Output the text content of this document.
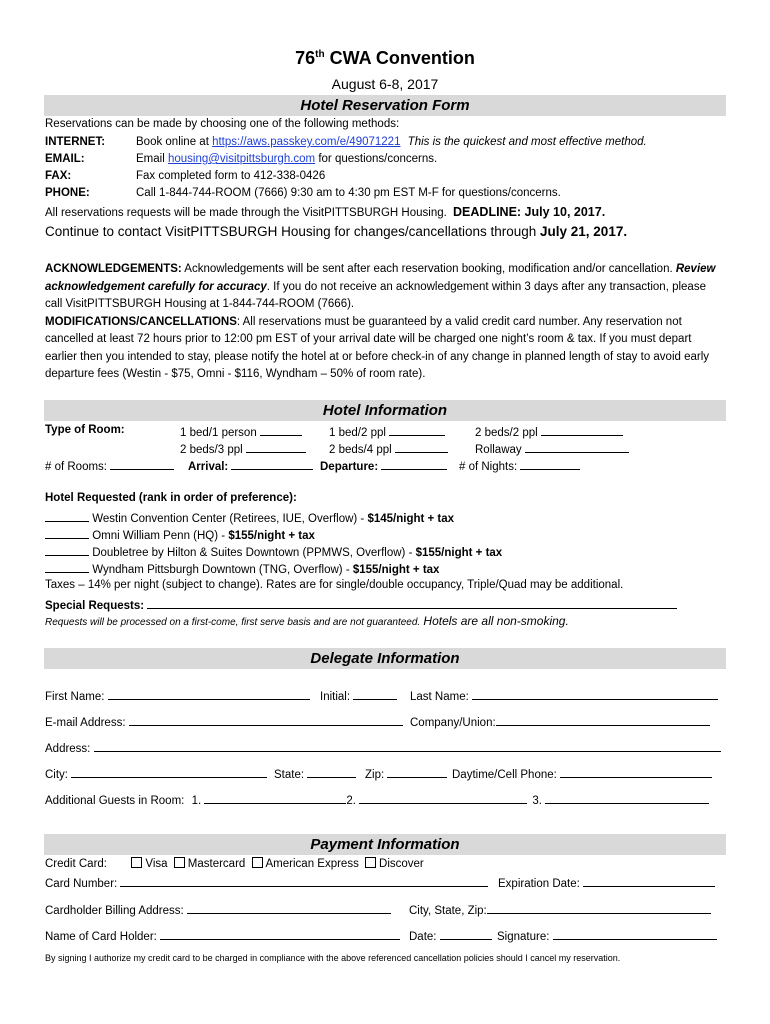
76th CWA Convention
August 6-8, 2017
Hotel Reservation Form
Reservations can be made by choosing one of the following methods:
INTERNET:	Book online at https://aws.passkey.com/e/49071221 This is the quickest and most effective method.
EMAIL:	Email housing@visitpittsburgh.com for questions/concerns.
FAX:	Fax completed form to 412-338-0426
PHONE:	Call 1-844-744-ROOM (7666) 9:30 am to 4:30 pm EST M-F for questions/concerns.
All reservations requests will be made through the VisitPITTSBURGH Housing. DEADLINE: July 10, 2017.
Continue to contact VisitPITTSBURGH Housing for changes/cancellations through July 21, 2017.
ACKNOWLEDGEMENTS: Acknowledgements will be sent after each reservation booking, modification and/or cancellation. Review acknowledgement carefully for accuracy. If you do not receive an acknowledgement within 3 days after any transaction, please call VisitPITTSBURGH Housing at 1-844-744-ROOM (7666).
MODIFICATIONS/CANCELLATIONS: All reservations must be guaranteed by a valid credit card number. Any reservation not cancelled at least 72 hours prior to 12:00 pm EST of your arrival date will be charged one night’s room & tax. If you must depart earlier then you intended to stay, please notify the hotel at or before check-in of any change in planned length of stay to avoid early departure fees (Westin - $75, Omni - $116, Wyndham – 50% of room rate).
Hotel Information
Type of Room:	1 bed/1 person	1 bed/2 ppl	2 beds/2 ppl
2 beds/3 ppl	2 beds/4 ppl	Rollaway
# of Rooms:	Arrival:	Departure:	# of Nights:
Hotel Requested (rank in order of preference):
Westin Convention Center (Retirees, IUE, Overflow) - $145/night + tax
Omni William Penn (HQ) - $155/night + tax
Doubletree by Hilton & Suites Downtown (PPMWS, Overflow) - $155/night + tax
Wyndham Pittsburgh Downtown (TNG, Overflow) - $155/night + tax
Taxes – 14% per night (subject to change). Rates are for single/double occupancy, Triple/Quad may be additional.
Special Requests:
Requests will be processed on a first-come, first serve basis and are not guaranteed. Hotels are all non-smoking.
Delegate Information
First Name:	Initial:	Last Name:
E-mail Address:	Company/Union:
Address:
City:	State:	Zip:	Daytime/Cell Phone:
Additional Guests in Room: 1.	2.	3.
Payment Information
Credit Card:	Visa Mastercard American Express Discover
Card Number:	Expiration Date:
Cardholder Billing Address:	City, State, Zip:
Name of Card Holder:	Date:	Signature:
By signing I authorize my credit card to be charged in compliance with the above referenced cancellation policies should I cancel my reservation.
